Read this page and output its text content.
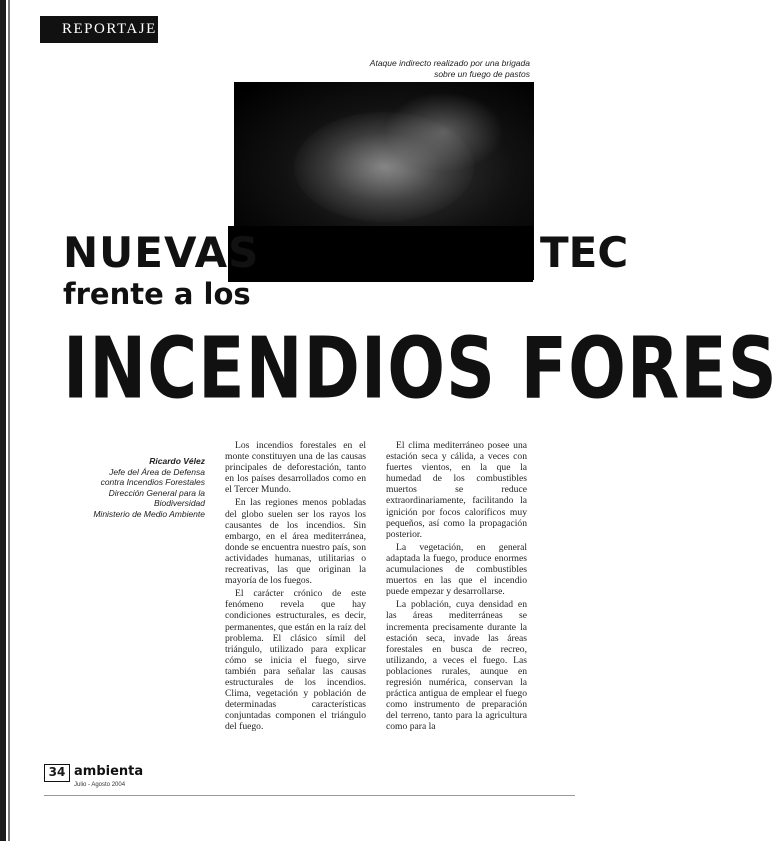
REPORTAJE
Ataque indirecto realizado por una brigada sobre un fuego de pastos
NUEVAS	TEC
frente a los
INCENDIOS FORES
Ricardo Vélez
Jefe del Área de Defensa
contra Incendios Forestales
Dirección General para la
Biodiversidad
Ministerio de Medio Ambiente

Los incendios forestales en el monte constituyen una de las causas principales de deforestación, tanto en los países desarrollados como en el Tercer Mundo.

En las regiones menos pobladas del globo suelen ser los rayos los causantes de los incendios. Sin embargo, en el área mediterránea, donde se encuentra nuestro país, son actividades humanas, utilitarias o recreativas, las que originan la mayoría de los fuegos.

El carácter crónico de este fenómeno revela que hay condiciones estructurales, es decir, permanentes, que están en la raíz del problema. El clásico símil del triángulo, utilizado para explicar cómo se inicia el fuego, sirve también para señalar las causas estructurales de los incendios. Clima, vegetación y población de determinadas características conjuntadas componen el triángulo del fuego.

El clima mediterráneo posee una estación seca y cálida, a veces con fuertes vientos, en la que la humedad de los combustibles muertos se reduce extraordinariamente, facilitando la ignición por focos caloríficos muy pequeños, así como la propagación posterior.

La vegetación, en general adaptada la fuego, produce enormes acumulaciones de combustibles muertos en las que el incendio puede empezar y desarrollarse.

La población, cuya densidad en las áreas mediterráneas se incrementa precisamente durante la estación seca, invade las áreas forestales en busca de recreo, utilizando, a veces el fuego. Las poblaciones rurales, aunque en regresión numérica, conservan la práctica antigua de emplear el fuego como instrumento de preparación del terreno, tanto para la agricultura como para la

34 ambienta
Julio - Agosto 2004
